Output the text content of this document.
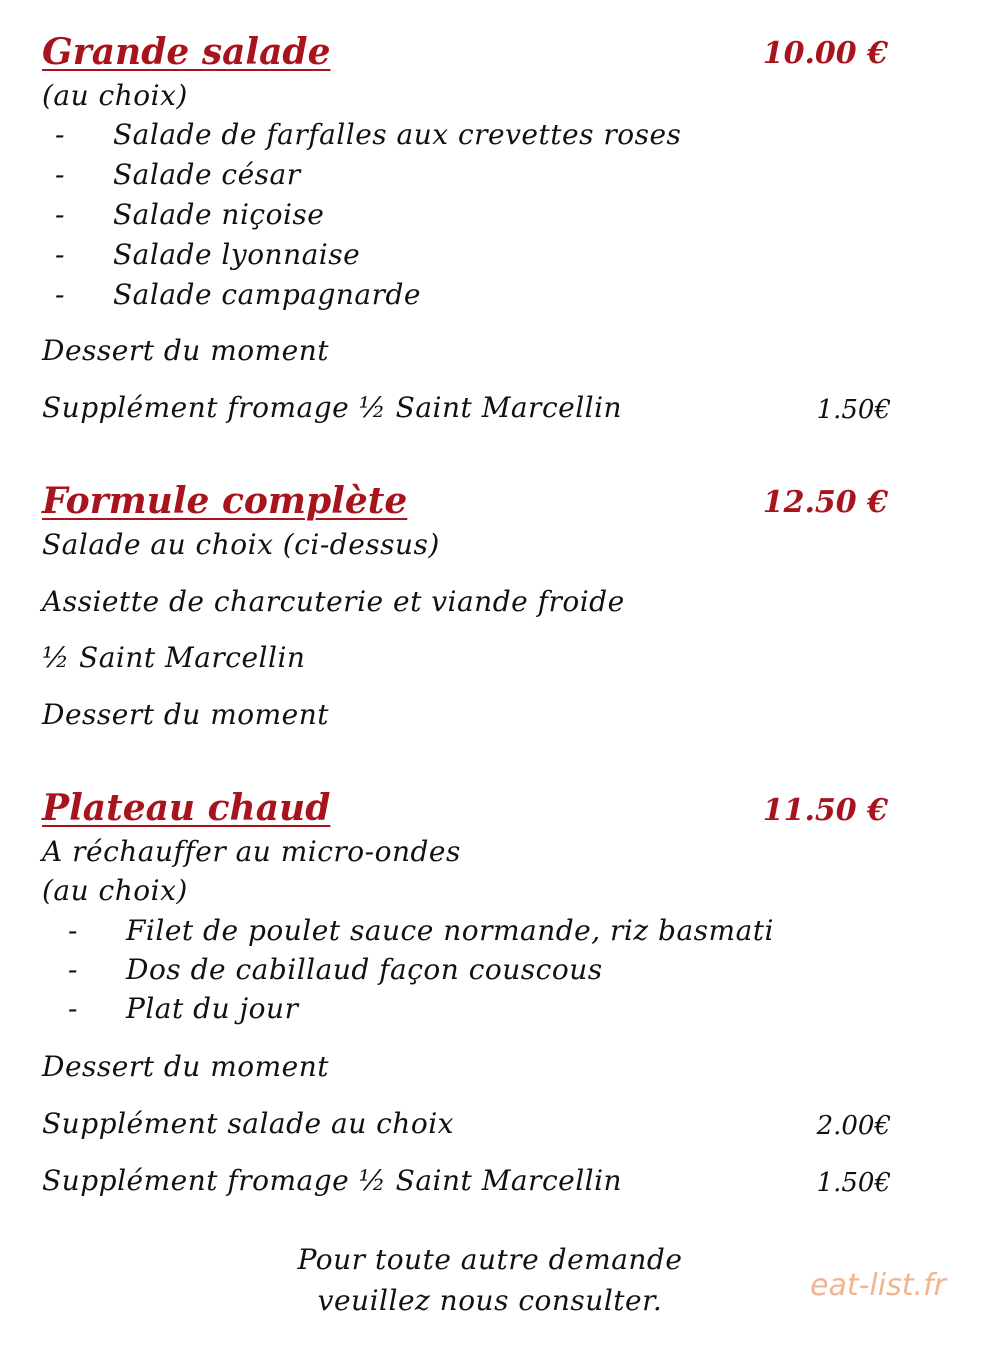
Grande salade	10.00 €
(au choix)
- Salade de farfalles aux crevettes roses
- Salade césar
- Salade niçoise
- Salade lyonnaise
- Salade campagnarde
Dessert du moment
Supplément fromage ½ Saint Marcellin	1.50€
Formule complète	12.50 €
Salade au choix (ci-dessus)
Assiette de charcuterie et viande froide
½ Saint Marcellin
Dessert du moment
Plateau chaud	11.50 €
A réchauffer au micro-ondes
(au choix)
- Filet de poulet sauce normande, riz basmati
- Dos de cabillaud façon couscous
- Plat du jour
Dessert du moment
Supplément salade au choix	2.00€
Supplément fromage ½ Saint Marcellin	1.50€
Pour toute autre demande
veuillez nous consulter.	eat-list.fr
